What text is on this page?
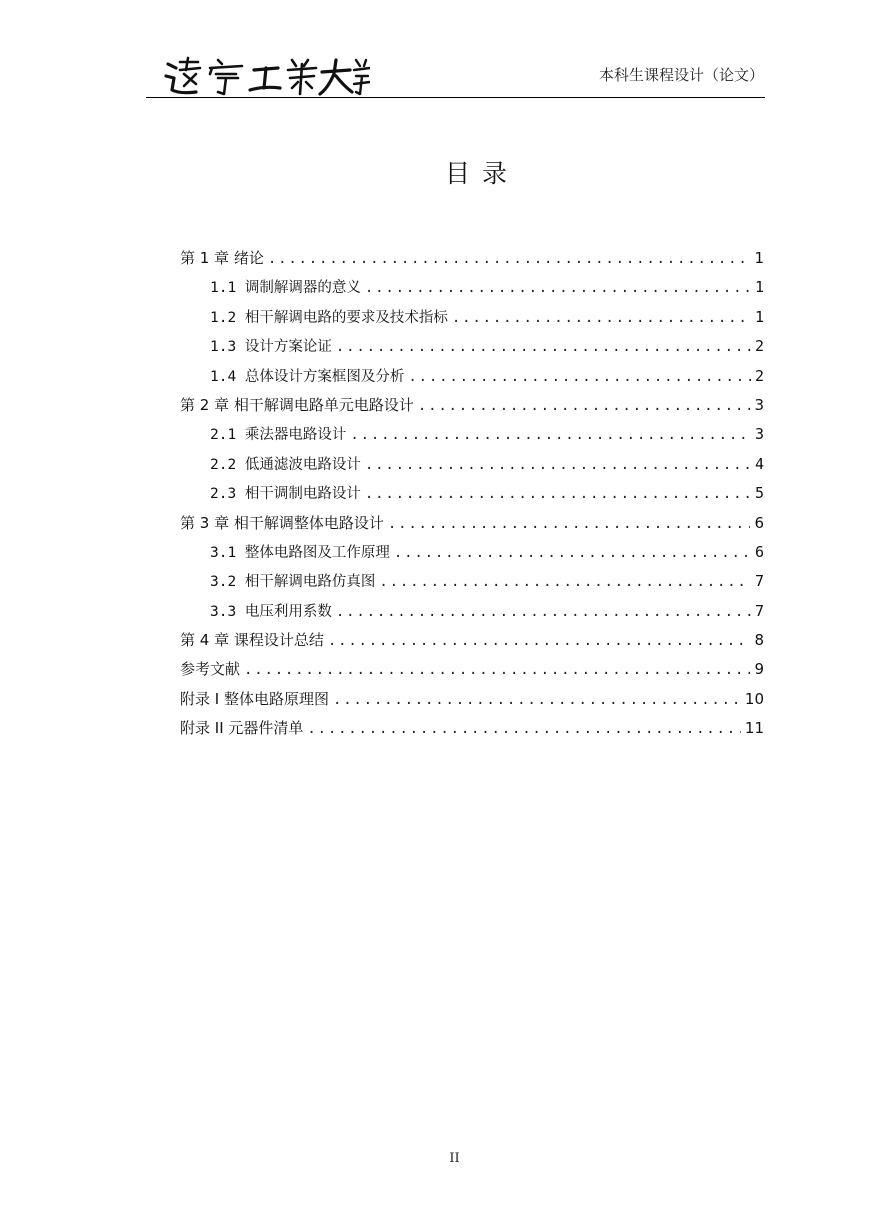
本科生课程设计（论文）
目录
第 1 章 绪论 .....	1
1.1 调制解调器的意义 .....	1
1.2 相干解调电路的要求及技术指标 .....	1
1.3 设计方案论证 .....	2
1.4 总体设计方案框图及分析 .....	2
第 2 章 相干解调电路单元电路设计 .....	3
2.1 乘法器电路设计 .....	3
2.2 低通滤波电路设计 .....	4
2.3 相干调制电路设计 .....	5
第 3 章 相干解调整体电路设计 .....	6
3.1 整体电路图及工作原理 .....	6
3.2 相干解调电路仿真图 .....	7
3.3 电压利用系数 .....	7
第 4 章 课程设计总结 .....	8
参考文献 .....	9
附录 I 整体电路原理图 .....	10
附录 II 元器件清单 .....	11
II
